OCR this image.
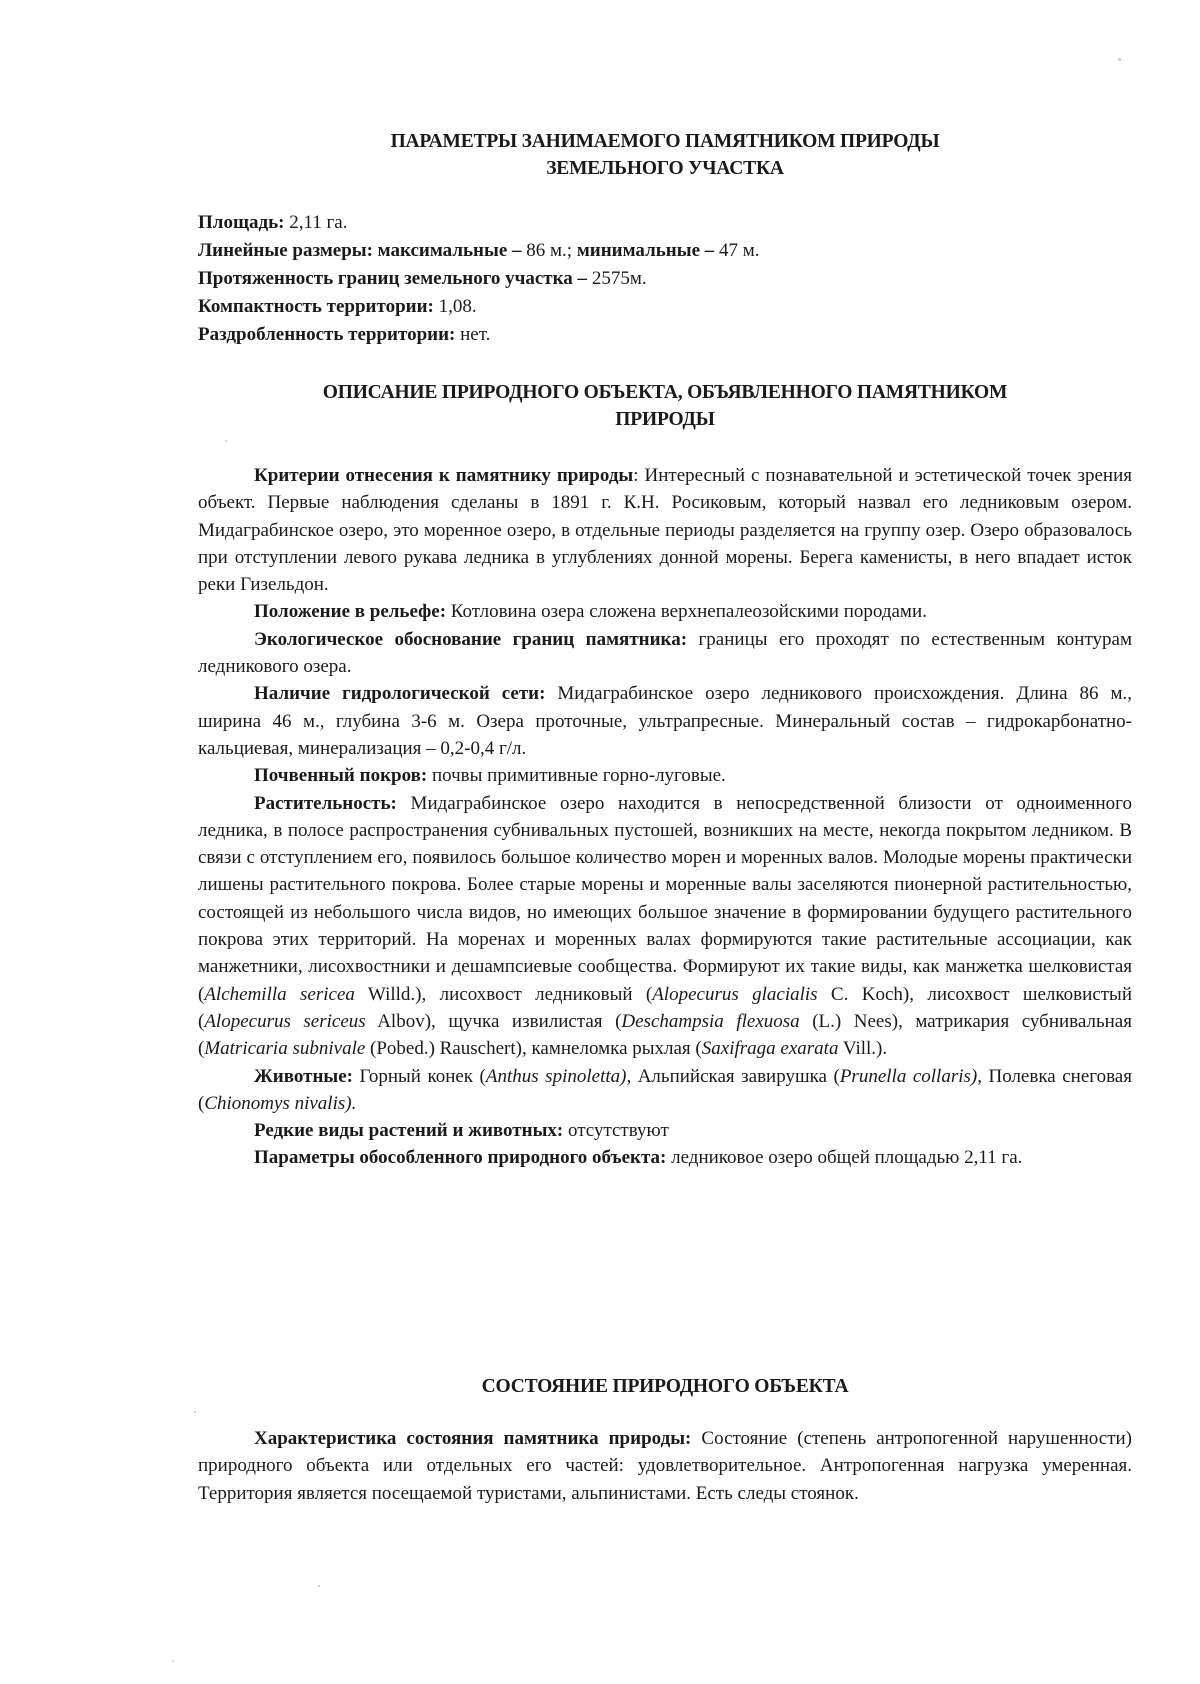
ПАРАМЕТРЫ ЗАНИМАЕМОГО ПАМЯТНИКОМ ПРИРОДЫ
ЗЕМЕЛЬНОГО УЧАСТКА

Площадь: 2,11 га.

Линейные размеры: максимальные – 86 м.; минимальные – 47 м.

Протяженность границ земельного участка – 2575м.

Компактность территории: 1,08.

Раздробленность территории: нет.

ОПИСАНИЕ ПРИРОДНОГО ОБЪЕКТА, ОБЪЯВЛЕННОГО ПАМЯТНИКОМ
ПРИРОДЫ

Критерии отнесения к памятнику природы: Интересный с познавательной и эстетической точек зрения объект. Первые наблюдения сделаны в 1891 г. К.Н. Росиковым, который назвал его ледниковым озером. Мидаграбинское озеро, это моренное озеро, в отдельные периоды разделяется на группу озер. Озеро образовалось при отступлении левого рукава ледника в углублениях донной морены. Берега каменисты, в него впадает исток реки Гизельдон.

Положение в рельефе: Котловина озера сложена верхнепалеозойскими породами.

Экологическое обоснование границ памятника: границы его проходят по естественным контурам ледникового озера.

Наличие гидрологической сети: Мидаграбинское озеро ледникового происхождения. Длина 86 м., ширина 46 м., глубина 3-6 м. Озера проточные, ультрапресные. Минеральный состав – гидрокарбонатно-кальциевая, минерализация – 0,2-0,4 г/л.

Почвенный покров: почвы примитивные горно-луговые.

Растительность: Мидаграбинское озеро находится в непосредственной близости от одноименного ледника, в полосе распространения субнивальных пустошей, возникших на месте, некогда покрытом ледником. В связи с отступлением его, появилось большое количество морен и моренных валов. Молодые морены практически лишены растительного покрова. Более старые морены и моренные валы заселяются пионерной растительностью, состоящей из небольшого числа видов, но имеющих большое значение в формировании будущего растительного покрова этих территорий. На моренах и моренных валах формируются такие растительные ассоциации, как манжетники, лисохвостники и дешампсиевые сообщества. Формируют их такие виды, как манжетка шелковистая (Alchemilla sericea Willd.), лисохвост ледниковый (Alopecurus glacialis C. Koch), лисохвост шелковистый (Alopecurus sericeus Albov), щучка извилистая (Deschampsia flexuosa (L.) Nees), матрикария субнивальная (Matricaria subnivale (Pobed.) Rauschert), камнеломка рыхлая (Saxifraga exarata Vill.).

Животные: Горный конек (Anthus spinoletta), Альпийская завирушка (Prunella collaris), Полевка снеговая (Chionomys nivalis).

Редкие виды растений и животных: отсутствуют

Параметры обособленного природного объекта: ледниковое озеро общей площадью 2,11 га.

СОСТОЯНИЕ ПРИРОДНОГО ОБЪЕКТА

Характеристика состояния памятника природы: Состояние (степень антропогенной нарушенности) природного объекта или отдельных его частей: удовлетворительное. Антропогенная нагрузка умеренная. Территория является посещаемой туристами, альпинистами. Есть следы стоянок.
